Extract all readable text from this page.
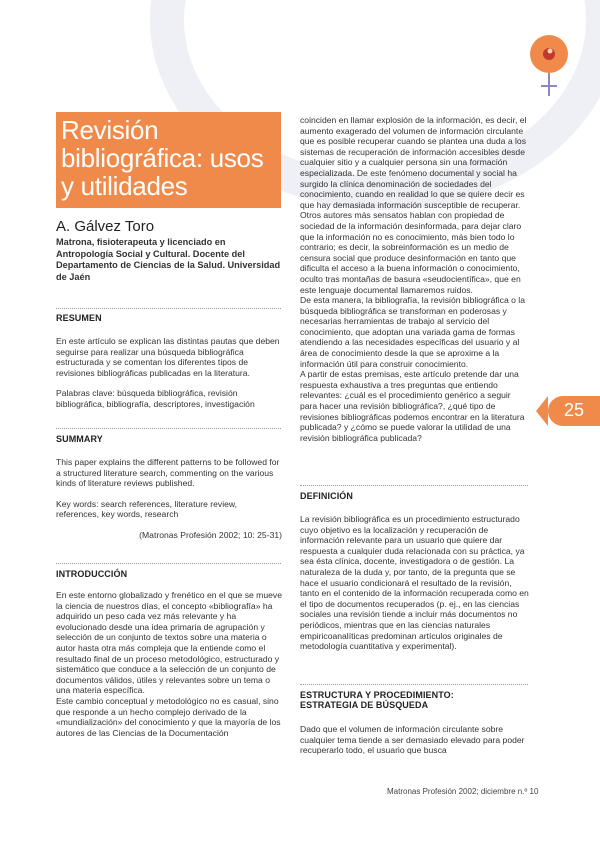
Revisión bibliográfica: usos y utilidades
A. Gálvez Toro
Matrona, fisioterapeuta y licenciado en Antropología Social y Cultural. Docente del Departamento de Ciencias de la Salud. Universidad de Jaén
RESUMEN

En este artículo se explican las distintas pautas que deben seguirse para realizar una búsqueda bibliográfica estructurada y se comentan los diferentes tipos de revisiones bibliográficas publicadas en la literatura.

Palabras clave: búsqueda bibliográfica, revisión bibliográfica, bibliografía, descriptores, investigación

SUMMARY

This paper explains the different patterns to be followed for a structured literature search, commenting on the various kinds of literature reviews published.

Key words: search references, literature review, references, key words, research

(Matronas Profesión 2002; 10: 25-31)

INTRODUCCIÓN

En este entorno globalizado y frenético en el que se mueve la ciencia de nuestros días, el concepto «bibliografía» ha adquirido un peso cada vez más relevante y ha evolucionado desde una idea primaria de agrupación y selección de un conjunto de textos sobre una materia o autor hasta otra más compleja que la entiende como el resultado final de un proceso metodológico, estructurado y sistemático que conduce a la selección de un conjunto de documentos válidos, útiles y relevantes sobre un tema o una materia específica.

Este cambio conceptual y metodológico no es casual, sino que responde a un hecho complejo derivado de la «mundialización» del conocimiento y que la mayoría de los autores de las Ciencias de la Documentación

coinciden en llamar explosión de la información, es decir, el aumento exagerado del volumen de información circulante que es posible recuperar cuando se plantea una duda a los sistemas de recuperación de información accesibles desde cualquier sitio y a cualquier persona sin una formación especializada. De este fenómeno documental y social ha surgido la clínica denominación de sociedades del conocimiento, cuando en realidad lo que se quiere decir es que hay demasiada información susceptible de recuperar. Otros autores más sensatos hablan con propiedad de sociedad de la información desinformada, para dejar claro que la información no es conocimiento, más bien todo lo contrario; es decir, la sobreinformación es un medio de censura social que produce desinformación en tanto que dificulta el acceso a la buena información o conocimiento, oculto tras montañas de basura «seudocientífica», que en este lenguaje documental llamaremos ruidos.

De esta manera, la bibliografía, la revisión bibliográfica o la búsqueda bibliográfica se transforman en poderosas y necesarias herramientas de trabajo al servicio del conocimiento, que adoptan una variada gama de formas atendiendo a las necesidades específicas del usuario y al área de conocimiento desde la que se aproxime a la información útil para construir conocimiento.

A partir de estas premisas, este artículo pretende dar una respuesta exhaustiva a tres preguntas que entiendo relevantes: ¿cuál es el procedimiento genérico a seguir para hacer una revisión bibliográfica?, ¿qué tipo de revisiones bibliográficas podemos encontrar en la literatura publicada? y ¿cómo se puede valorar la utilidad de una revisión bibliográfica publicada?

DEFINICIÓN

La revisión bibliográfica es un procedimiento estructurado cuyo objetivo es la localización y recuperación de información relevante para un usuario que quiere dar respuesta a cualquier duda relacionada con su práctica, ya sea ésta clínica, docente, investigadora o de gestión. La naturaleza de la duda y, por tanto, de la pregunta que se hace el usuario condicionará el resultado de la revisión, tanto en el contenido de la información recuperada como en el tipo de documentos recuperados (p. ej., en las ciencias sociales una revisión tiende a incluir más documentos no periódicos, mientras que en las ciencias naturales empiricoanalíticas predominan artículos originales de metodología cuantitativa y experimental).

ESTRUCTURA Y PROCEDIMIENTO:
ESTRATEGIA DE BÚSQUEDA

Dado que el volumen de información circulante sobre cualquier tema tiende a ser demasiado elevado para poder recuperarlo todo, el usuario que busca

25
Matronas Profesión 2002; diciembre n.º 10
